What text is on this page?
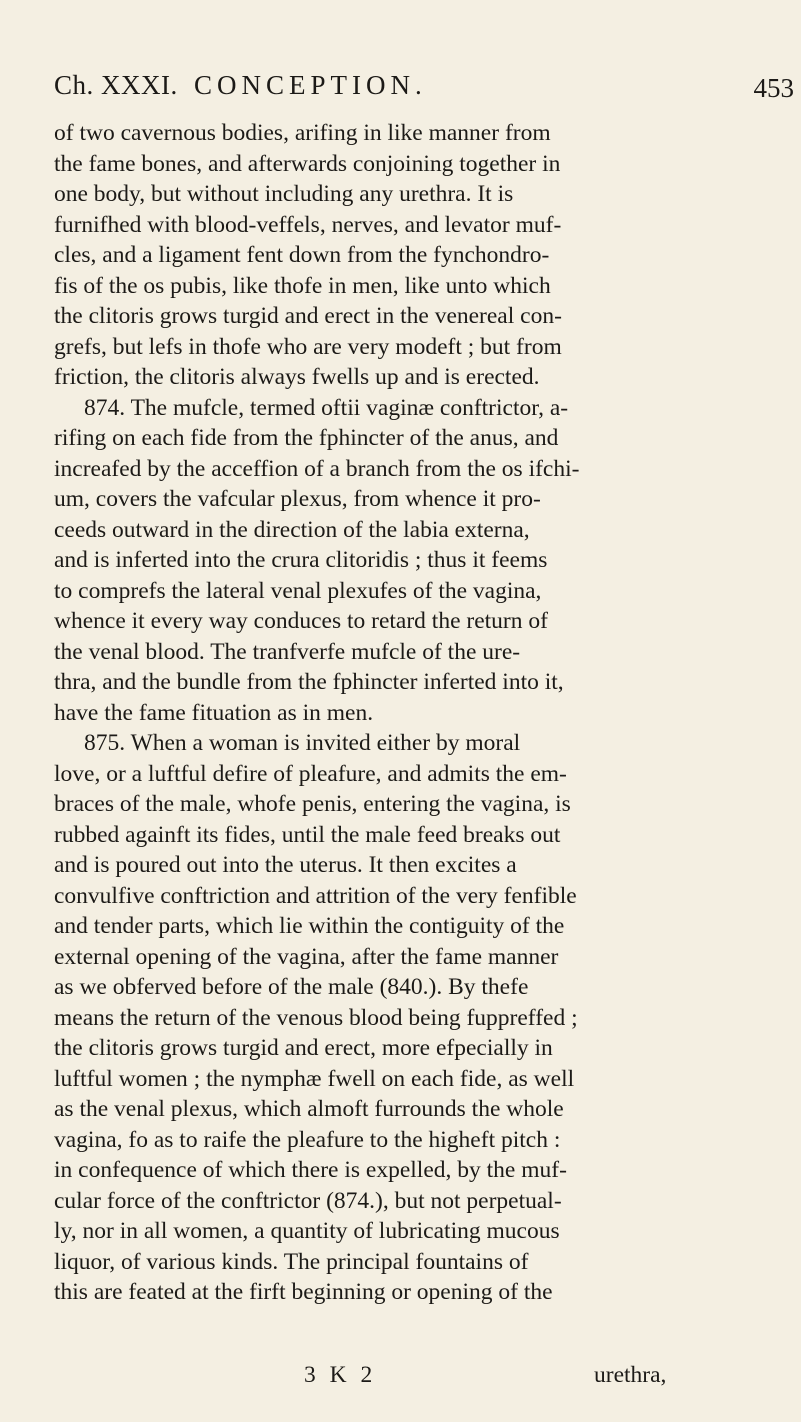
Ch. XXXI. CONCEPTION.	453
of two cavernous bodies, arifing in like manner from
the fame bones, and afterwards conjoining together in
one body, but without including any urethra. It is
furnifhed with blood-veffels, nerves, and levator muf-
cles, and a ligament fent down from the fynchondro-
fis of the os pubis, like thofe in men, like unto which
the clitoris grows turgid and erect in the venereal con-
grefs, but lefs in thofe who are very modeft ; but from
friction, the clitoris always fwells up and is erected.
874. The mufcle, termed oftii vaginæ conftrictor, a-
rifing on each fide from the fphincter of the anus, and
increafed by the acceffion of a branch from the os ifchi-
um, covers the vafcular plexus, from whence it pro-
ceeds outward in the direction of the labia externa,
and is inferted into the crura clitoridis ; thus it feems
to comprefs the lateral venal plexufes of the vagina,
whence it every way conduces to retard the return of
the venal blood. The tranfverfe mufcle of the ure-
thra, and the bundle from the fphincter inferted into it,
have the fame fituation as in men.
875. When a woman is invited either by moral
love, or a luftful defire of pleafure, and admits the em-
braces of the male, whofe penis, entering the vagina, is
rubbed againft its fides, until the male feed breaks out
and is poured out into the uterus. It then excites a
convulfive conftriction and attrition of the very fenfible
and tender parts, which lie within the contiguity of the
external opening of the vagina, after the fame manner
as we obferved before of the male (840.). By thefe
means the return of the venous blood being fuppreffed ;
the clitoris grows turgid and erect, more efpecially in
luftful women ; the nymphæ fwell on each fide, as well
as the venal plexus, which almoft furrounds the whole
vagina, fo as to raife the pleafure to the higheft pitch :
in confequence of which there is expelled, by the muf-
cular force of the conftrictor (874.), but not perpetual-
ly, nor in all women, a quantity of lubricating mucous
liquor, of various kinds. The principal fountains of
this are feated at the firft beginning or opening of the
3 K 2	urethra,
